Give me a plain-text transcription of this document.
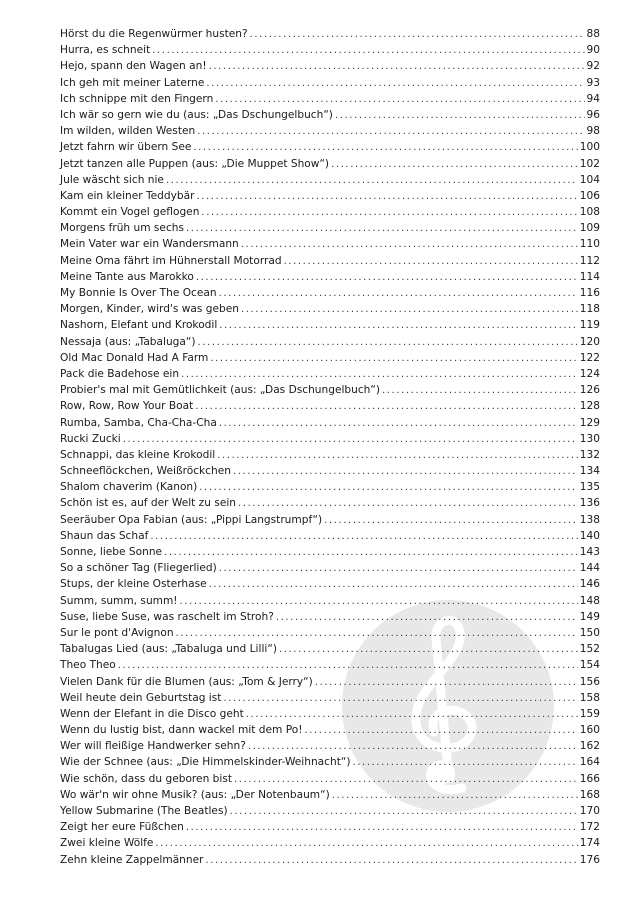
Hörst du die Regenwürmer husten? .....	88
Hurra, es schneit .....	90
Hejo, spann den Wagen an! .....	92
Ich geh mit meiner Laterne .....	93
Ich schnippe mit den Fingern .....	94
Ich wär so gern wie du (aus: „Das Dschungelbuch“) .....	96
Im wilden, wilden Westen .....	98
Jetzt fahrn wir übern See .....	100
Jetzt tanzen alle Puppen (aus: „Die Muppet Show“) .....	102
Jule wäscht sich nie .....	104
Kam ein kleiner Teddybär .....	106
Kommt ein Vogel geflogen .....	108
Morgens früh um sechs .....	109
Mein Vater war ein Wandersmann .....	110
Meine Oma fährt im Hühnerstall Motorrad .....	112
Meine Tante aus Marokko .....	114
My Bonnie Is Over The Ocean .....	116
Morgen, Kinder, wird's was geben .....	118
Nashorn, Elefant und Krokodil .....	119
Nessaja (aus: „Tabaluga“) .....	120
Old Mac Donald Had A Farm .....	122
Pack die Badehose ein .....	124
Probier's mal mit Gemütlichkeit (aus: „Das Dschungelbuch“) .....	126
Row, Row, Row Your Boat .....	128
Rumba, Samba, Cha-Cha-Cha .....	129
Rucki Zucki .....	130
Schnappi, das kleine Krokodil .....	132
Schneeflöckchen, Weißröckchen .....	134
Shalom chaverim (Kanon) .....	135
Schön ist es, auf der Welt zu sein .....	136
Seeräuber Opa Fabian (aus: „Pippi Langstrumpf“) .....	138
Shaun das Schaf .....	140
Sonne, liebe Sonne .....	143
So a schöner Tag (Fliegerlied) .....	144
Stups, der kleine Osterhase .....	146
Summ, summ, summ! .....	148
Suse, liebe Suse, was raschelt im Stroh? .....	149
Sur le pont d'Avignon .....	150
Tabalugas Lied (aus: „Tabaluga und Lilli“) .....	152
Theo Theo .....	154
Vielen Dank für die Blumen (aus: „Tom & Jerry“) .....	156
Weil heute dein Geburtstag ist .....	158
Wenn der Elefant in die Disco geht .....	159
Wenn du lustig bist, dann wackel mit dem Po! .....	160
Wer will fleißige Handwerker sehn? .....	162
Wie der Schnee (aus: „Die Himmelskinder-Weihnacht“) .....	164
Wie schön, dass du geboren bist .....	166
Wo wär'n wir ohne Musik? (aus: „Der Notenbaum“) .....	168
Yellow Submarine (The Beatles) .....	170
Zeigt her eure Füßchen .....	172
Zwei kleine Wölfe .....	174
Zehn kleine Zappelmänner .....	176
